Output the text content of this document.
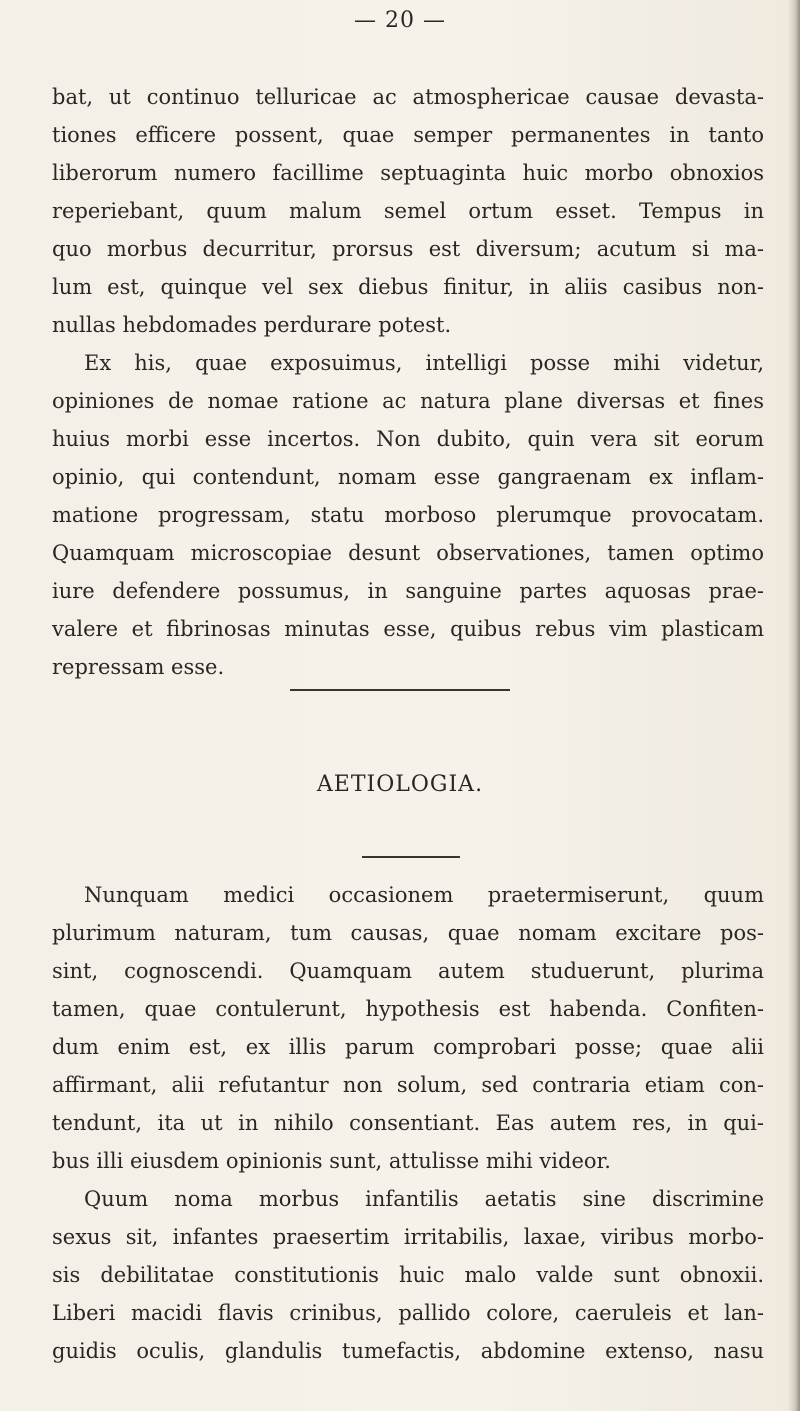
— 20 —
bat, ut continuo telluricae ac atmosphericae causae devasta-
tiones efficere possent, quae semper permanentes in tanto
liberorum numero facillime septuaginta huic morbo obnoxios
reperiebant, quum malum semel ortum esset. Tempus in
quo morbus decurritur, prorsus est diversum; acutum si ma-
lum est, quinque vel sex diebus finitur, in aliis casibus non-
nullas hebdomades perdurare potest.
Ex his, quae exposuimus, intelligi posse mihi videtur,
opiniones de nomae ratione ac natura plane diversas et fines
huius morbi esse incertos. Non dubito, quin vera sit eorum
opinio, qui contendunt, nomam esse gangraenam ex inflam-
matione progressam, statu morboso plerumque provocatam.
Quamquam microscopiae desunt observationes, tamen optimo
iure defendere possumus, in sanguine partes aquosas prae-
valere et fibrinosas minutas esse, quibus rebus vim plasticam
repressam esse.
AETIOLOGIA.
Nunquam medici occasionem praetermiserunt, quum
plurimum naturam, tum causas, quae nomam excitare pos-
sint, cognoscendi. Quamquam autem studuerunt, plurima
tamen, quae contulerunt, hypothesis est habenda. Confiten-
dum enim est, ex illis parum comprobari posse; quae alii
affirmant, alii refutantur non solum, sed contraria etiam con-
tendunt, ita ut in nihilo consentiant. Eas autem res, in qui-
bus illi eiusdem opinionis sunt, attulisse mihi videor.
Quum noma morbus infantilis aetatis sine discrimine
sexus sit, infantes praesertim irritabilis, laxae, viribus morbo-
sis debilitatae constitutionis huic malo valde sunt obnoxii.
Liberi macidi flavis crinibus, pallido colore, caeruleis et lan-
guidis oculis, glandulis tumefactis, abdomine extenso, nasu
